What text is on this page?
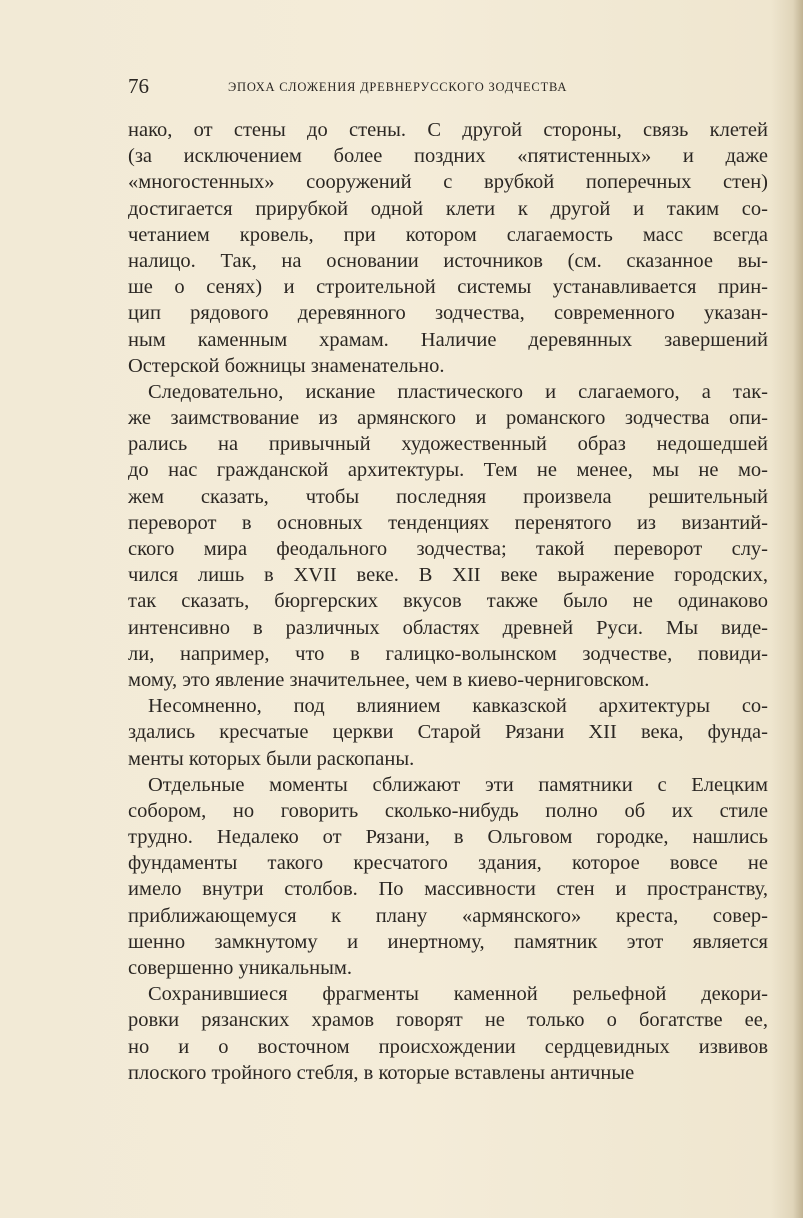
76	ЭПОХА СЛОЖЕНИЯ ДРЕВНЕРУССКОГО ЗОДЧЕСТВА
нако, от стены до стены. С другой стороны, связь клетей
(за исключением более поздних «пятистенных» и даже
«многостенных» сооружений с врубкой поперечных стен)
достигается прирубкой одной клети к другой и таким со-
четанием кровель, при котором слагаемость масс всегда
налицо. Так, на основании источников (см. сказанное вы-
ше о сенях) и строительной системы устанавливается прин-
цип рядового деревянного зодчества, современного указан-
ным каменным храмам. Наличие деревянных завершений
Остерской божницы знаменательно.
Следовательно, искание пластического и слагаемого, а так-
же заимствование из армянского и романского зодчества опи-
рались на привычный художественный образ недошедшей
до нас гражданской архитектуры. Тем не менее, мы не мо-
жем сказать, чтобы последняя произвела решительный
переворот в основных тенденциях перенятого из византий-
ского мира феодального зодчества; такой переворот слу-
чился лишь в XVII веке. В XII веке выражение городских,
так сказать, бюргерских вкусов также было не одинаково
интенсивно в различных областях древней Руси. Мы виде-
ли, например, что в галицко-волынском зодчестве, повиди-
мому, это явление значительнее, чем в киево-черниговском.
Несомненно, под влиянием кавказской архитектуры со-
здались кресчатые церкви Старой Рязани XII века, фунда-
менты которых были раскопаны.
Отдельные моменты сближают эти памятники с Елецким
собором, но говорить сколько-нибудь полно об их стиле
трудно. Недалеко от Рязани, в Ольговом городке, нашлись
фундаменты такого кресчатого здания, которое вовсе не
имело внутри столбов. По массивности стен и пространству,
приближающемуся к плану «армянского» креста, совер-
шенно замкнутому и инертному, памятник этот является
совершенно уникальным.
Сохранившиеся фрагменты каменной рельефной декори-
ровки рязанских храмов говорят не только о богатстве ее,
но и о восточном происхождении сердцевидных извивов
плоского тройного стебля, в которые вставлены античные
